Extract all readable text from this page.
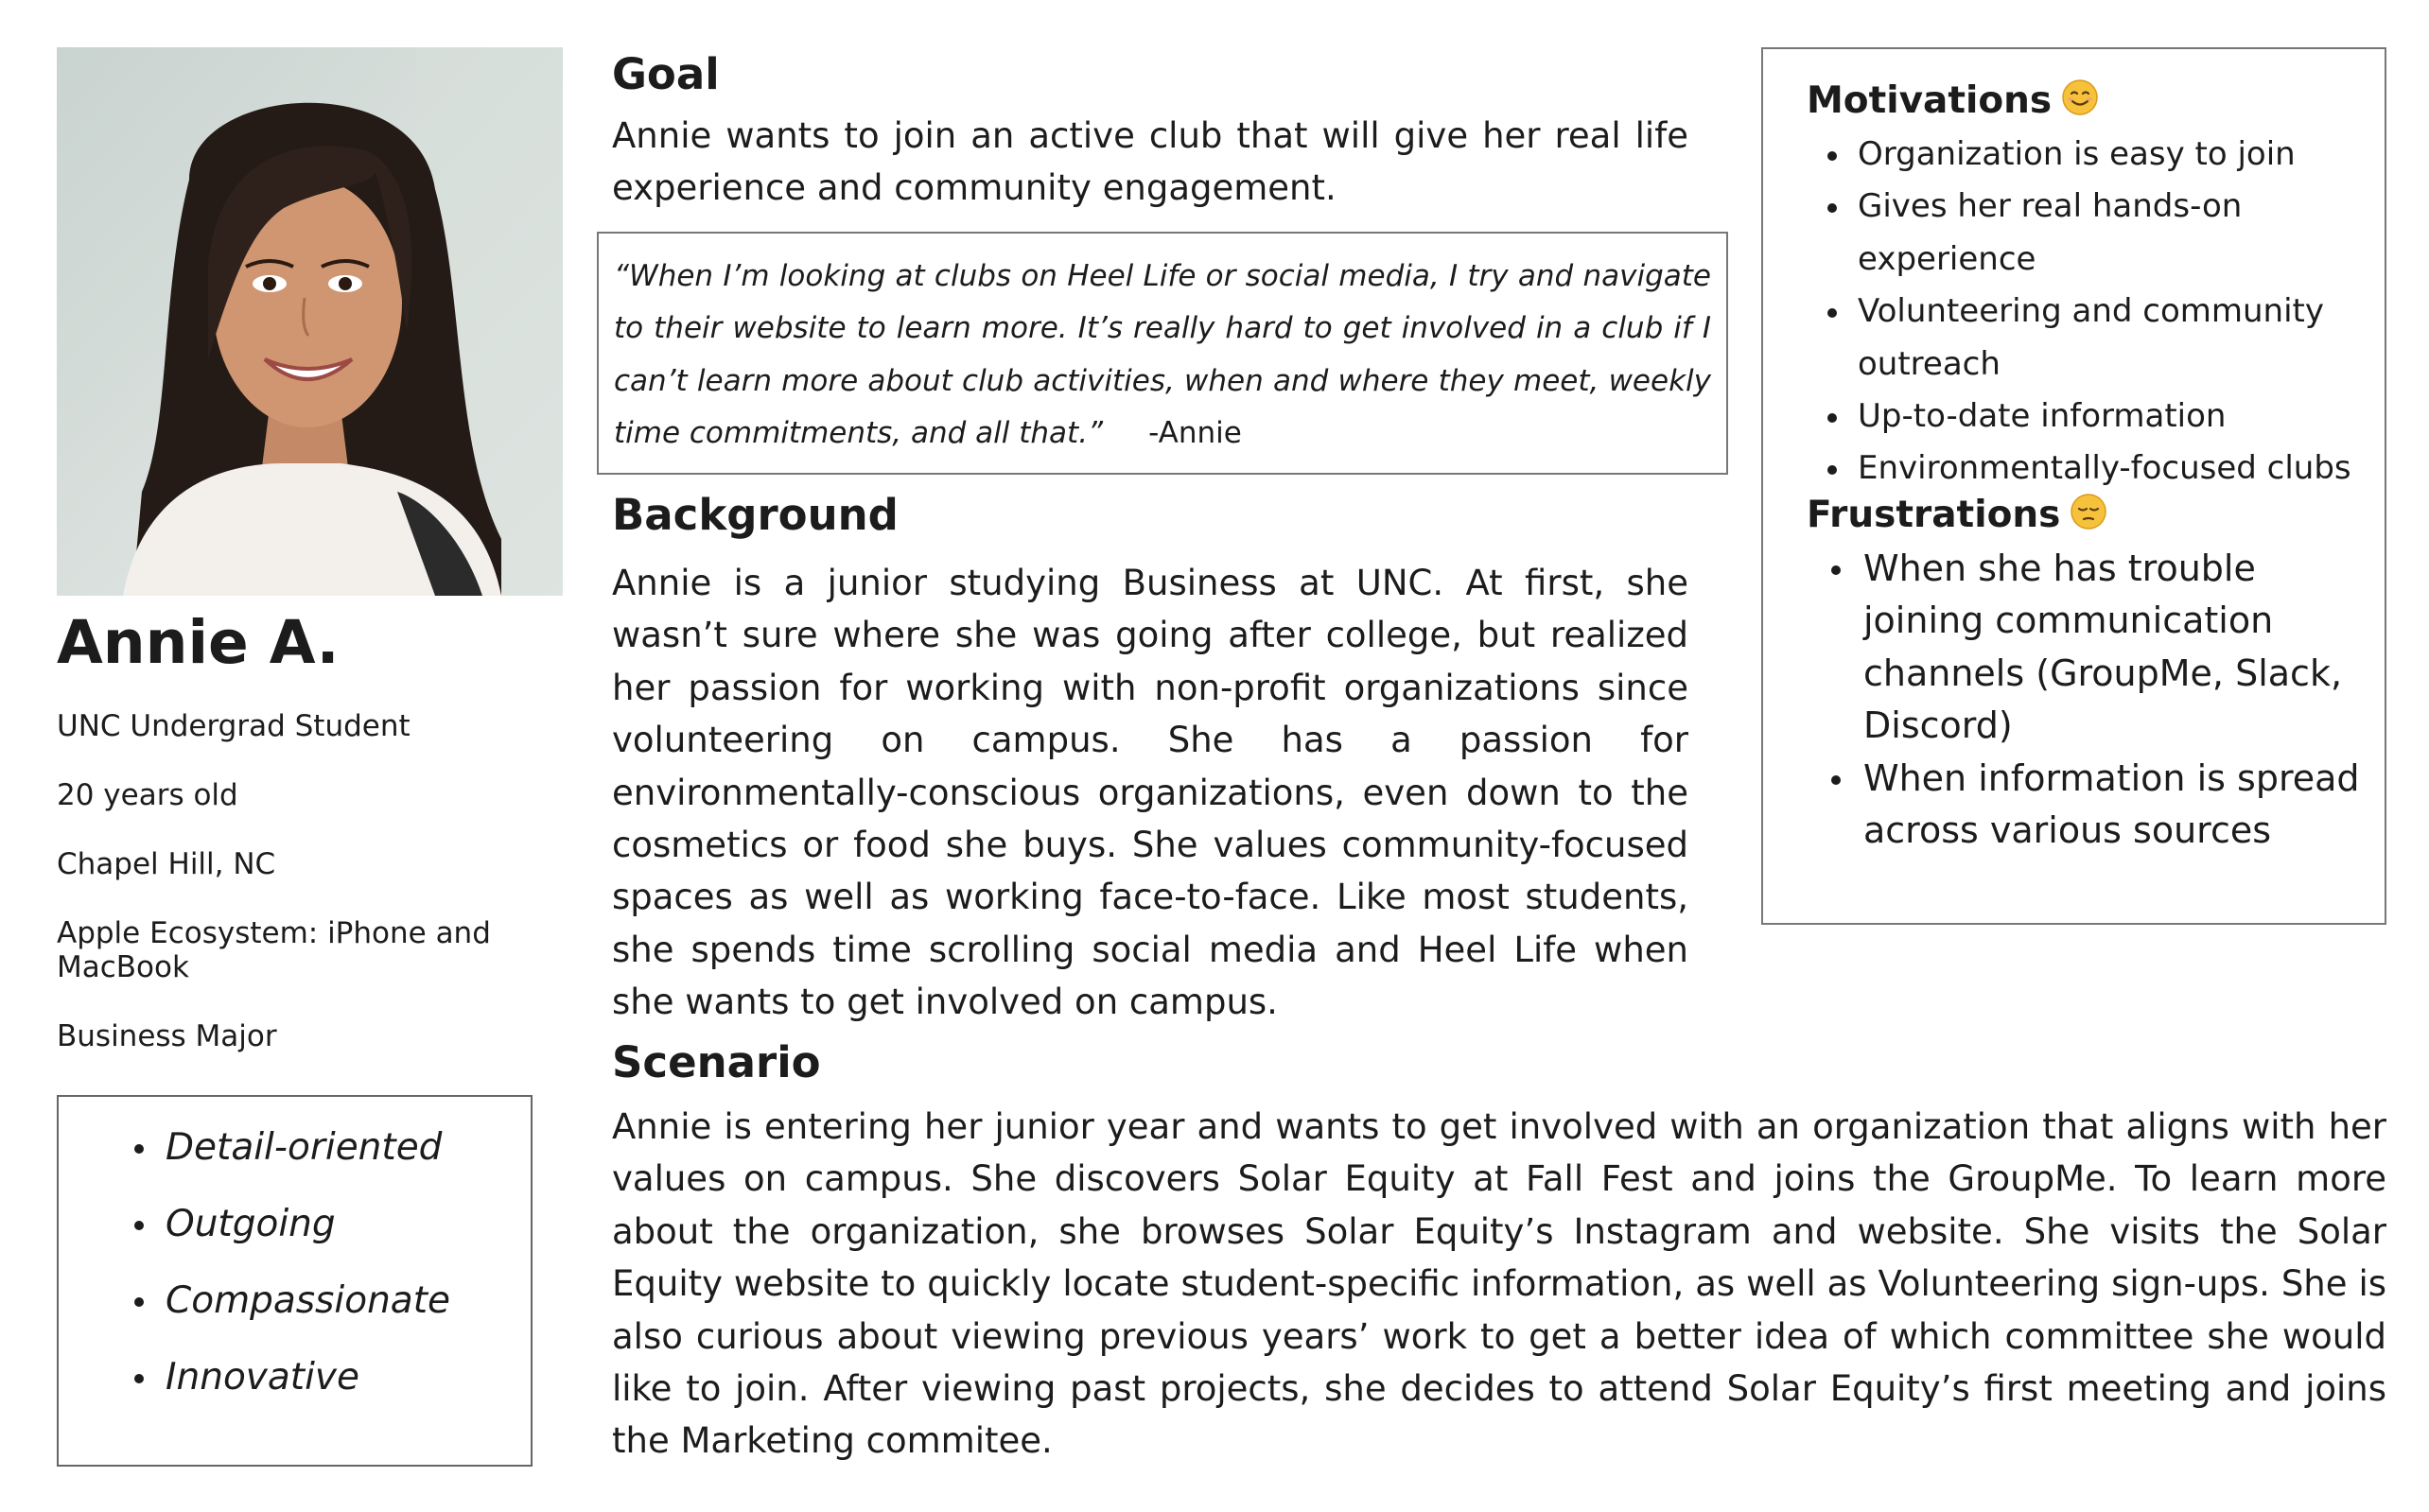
Annie A.
UNC Undergrad Student
20 years old
Chapel Hill, NC
Apple Ecosystem: iPhone and MacBook
Business Major
Detail-oriented
Outgoing
Compassionate
Innovative
Goal
Annie wants to join an active club that will give her real life experience and community engagement.
“When I’m looking at clubs on Heel Life or social media, I try and navigate to their website to learn more. It’s really hard to get involved in a club if I can’t learn more about club activities, when and where they meet, weekly time commitments, and all that.” -Annie
Background
Annie is a junior studying Business at UNC. At first, she wasn’t sure where she was going after college, but realized her passion for working with non-profit organizations since volunteering on campus. She has a passion for environmentally-conscious organizations, even down to the cosmetics or food she buys. She values community-focused spaces as well as working face-to-face. Like most students, she spends time scrolling social media and Heel Life when she wants to get involved on campus.
Scenario
Annie is entering her junior year and wants to get involved with an organization that aligns with her values on campus. She discovers Solar Equity at Fall Fest and joins the GroupMe. To learn more about the organization, she browses Solar Equity’s Instagram and website. She visits the Solar Equity website to quickly locate student-specific information, as well as Volunteering sign-ups. She is also curious about viewing previous years’ work to get a better idea of which committee she would like to join. After viewing past projects, she decides to attend Solar Equity’s first meeting and joins the Marketing commitee.
Motivations
Organization is easy to join
Gives her real hands-on
experience
Volunteering and community
outreach
Up-to-date information
Environmentally-focused clubs
Frustrations
When she has trouble
joining communication
channels (GroupMe, Slack,
Discord)
When information is spread
across various sources
